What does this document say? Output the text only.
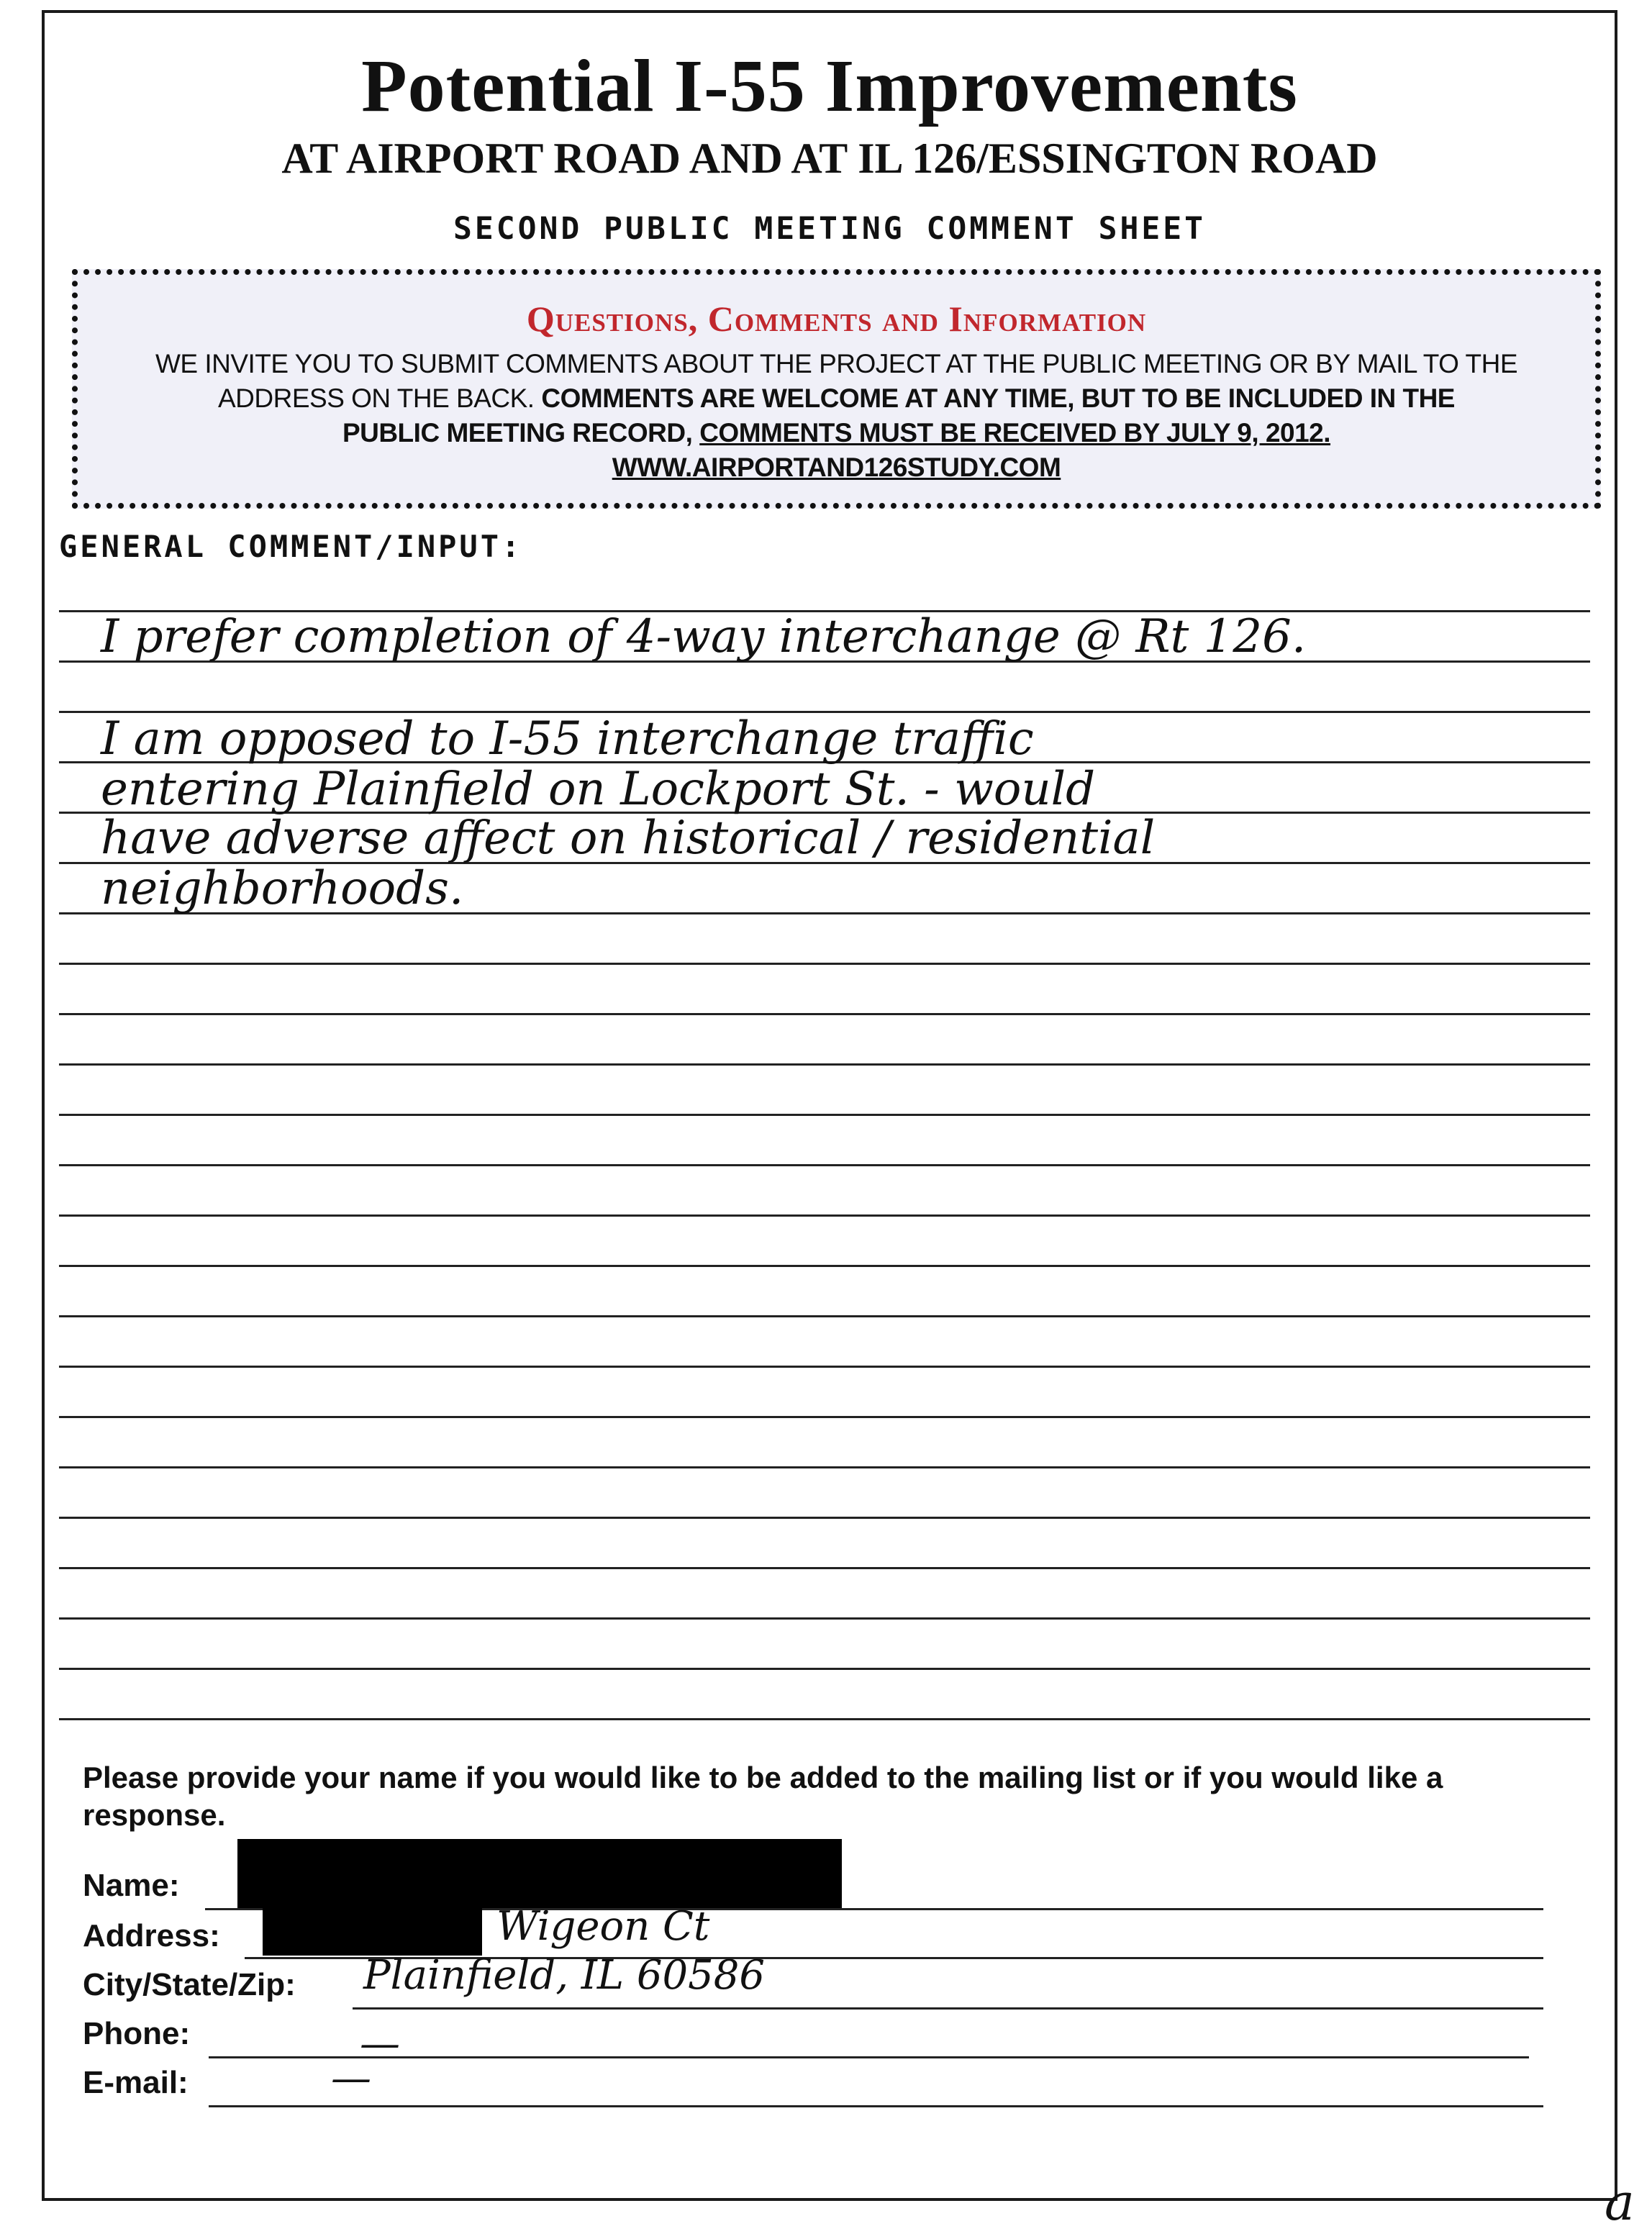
Potential I-55 Improvements
AT AIRPORT ROAD AND AT IL 126/ESSINGTON ROAD
SECOND PUBLIC MEETING COMMENT SHEET
Questions, Comments and Information
WE INVITE YOU TO SUBMIT COMMENTS ABOUT THE PROJECT AT THE PUBLIC MEETING OR BY MAIL TO THE
ADDRESS ON THE BACK. COMMENTS ARE WELCOME AT ANY TIME, BUT TO BE INCLUDED IN THE
PUBLIC MEETING RECORD, COMMENTS MUST BE RECEIVED BY JULY 9, 2012.
WWW.AIRPORTAND126STUDY.COM
GENERAL COMMENT/INPUT:
I prefer completion of 4-way interchange @ Rt 126.
I am opposed to I-55 interchange traffic
entering Plainfield on Lockport St. - would
have adverse affect on historical / residential
neighborhoods.
Please provide your name if you would like to be added to the mailing list or if you would like a response.
Name:
Address:	Wigeon Ct
City/State/Zip: Plainfield, IL 60586
Phone:	—
E-mail:	—
a
